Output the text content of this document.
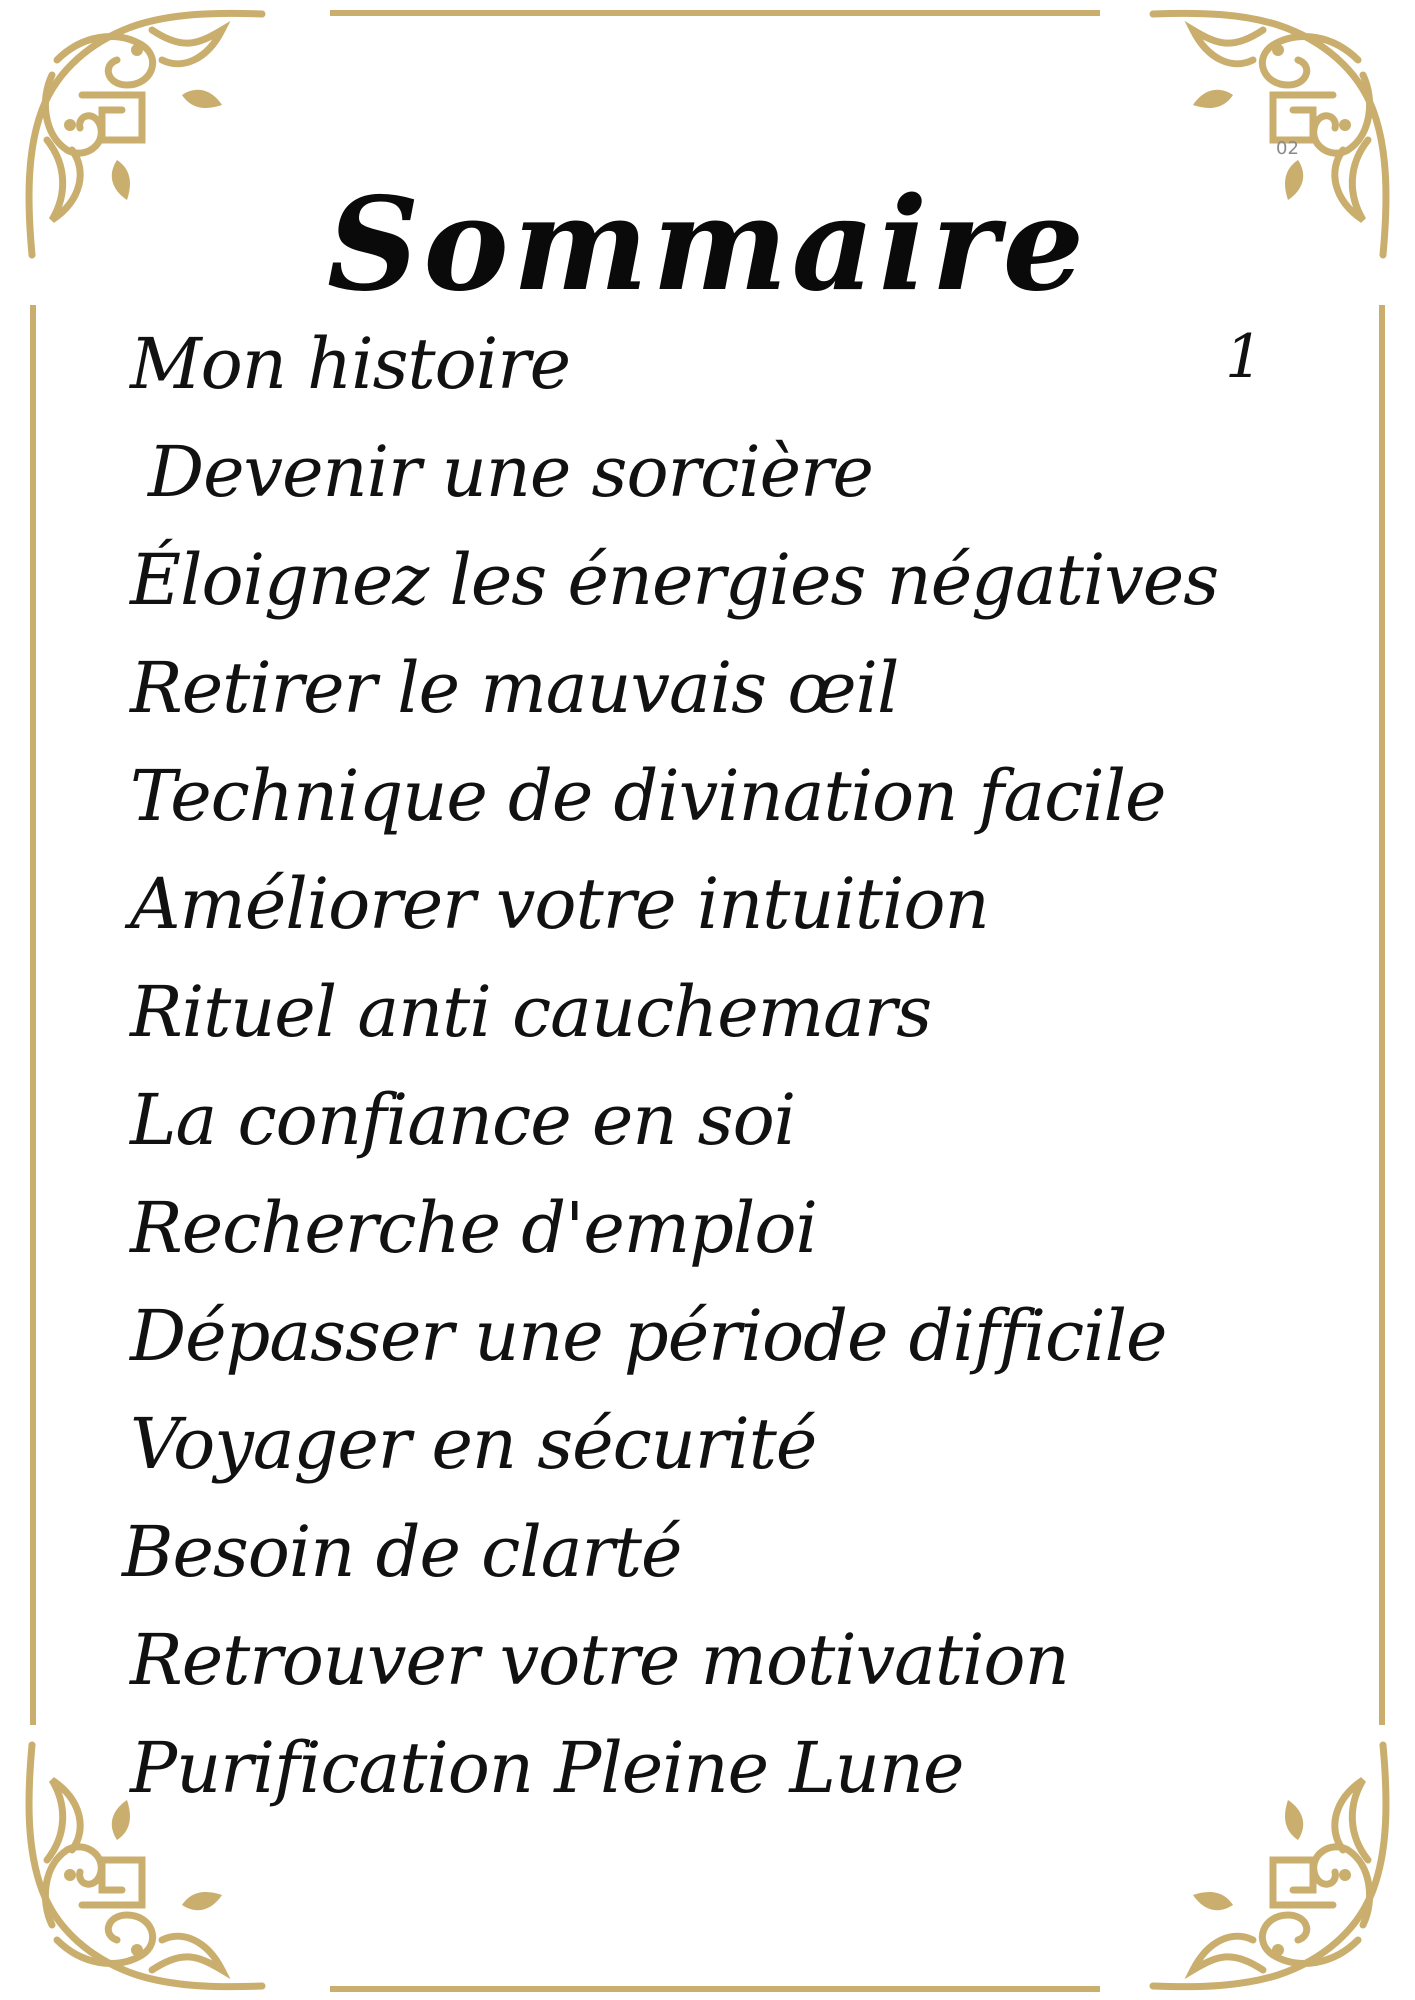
02
Sommaire
Mon histoire	1
Devenir une sorcière
Éloignez les énergies négatives
Retirer le mauvais œil
Technique de divination facile
Améliorer votre intuition
Rituel anti cauchemars
La confiance en soi
Recherche d'emploi
Dépasser une période difficile
Voyager en sécurité
Besoin de clarté
Retrouver votre motivation
Purification Pleine Lune
